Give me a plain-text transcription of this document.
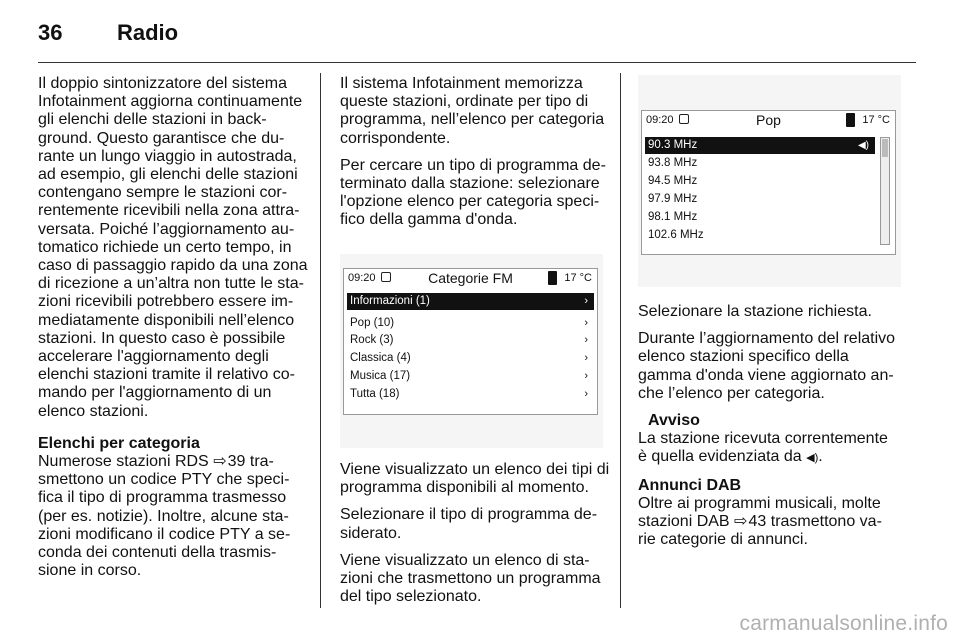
36 Radio

Il doppio sintonizzatore del sistema
Infotainment aggiorna continuamente
gli elenchi delle stazioni in back-
ground. Questo garantisce che du-
rante un lungo viaggio in autostrada,
ad esempio, gli elenchi delle stazioni
contengano sempre le stazioni cor-
rentemente ricevibili nella zona attra-
versata. Poiché l’aggiornamento au-
tomatico richiede un certo tempo, in
caso di passaggio rapido da una zona
di ricezione a un’altra non tutte le sta-
zioni ricevibili potrebbero essere im-
mediatamente disponibili nell’elenco
stazioni. In questo caso è possibile
accelerare l'aggiornamento degli
elenchi stazioni tramite il relativo co-
mando per l'aggiornamento di un
elenco stazioni.

Elenchi per categoria

Numerose stazioni RDS ⇨ 39 tra-
smettono un codice PTY che speci-
fica il tipo di programma trasmesso
(per es. notizie). Inoltre, alcune sta-
zioni modificano il codice PTY a se-
conda dei contenuti della trasmis-
sione in corso.

Il sistema Infotainment memorizza
queste stazioni, ordinate per tipo di
programma, nell’elenco per categoria
corrispondente.

Per cercare un tipo di programma de-
terminato dalla stazione: selezionare
l'opzione elenco per categoria speci-
fico della gamma d'onda.

09:20	Categorie FM	17 °C
Informazioni (1)	›
Pop (10)	›
Rock (3)	›
Classica (4)	›
Musica (17)	›
Tutta (18)	›

Viene visualizzato un elenco dei tipi di
programma disponibili al momento.

Selezionare il tipo di programma de-
siderato.

Viene visualizzato un elenco di sta-
zioni che trasmettono un programma
del tipo selezionato.

09:20	Pop	17 °C
90.3 MHz	◀)
93.8 MHz
94.5 MHz
97.9 MHz
98.1 MHz
102.6 MHz

Selezionare la stazione richiesta.

Durante l’aggiornamento del relativo
elenco stazioni specifico della
gamma d'onda viene aggiornato an-
che l’elenco per categoria.

Avviso

La stazione ricevuta correntemente
è quella evidenziata da ◀).

Annunci DAB

Oltre ai programmi musicali, molte
stazioni DAB ⇨ 43 trasmettono va-
rie categorie di annunci.

carmanualsonline.info
